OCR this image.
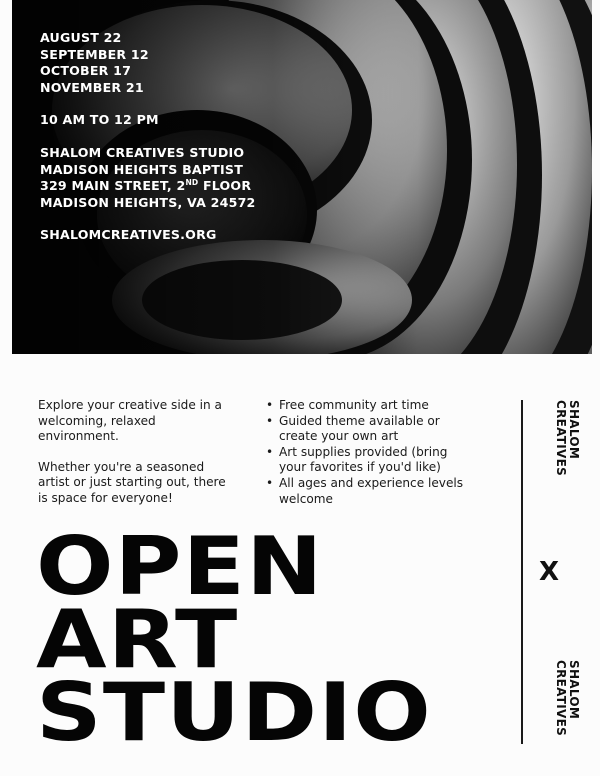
AUGUST 22
SEPTEMBER 12
OCTOBER 17
NOVEMBER 21
10 AM TO 12 PM
SHALOM CREATIVES STUDIO
MADISON HEIGHTS BAPTIST
329 MAIN STREET, 2ND FLOOR
MADISON HEIGHTS, VA 24572
SHALOMCREATIVES.ORG

Explore your creative side in a welcoming, relaxed environment.

Whether you're a seasoned artist or just starting out, there is space for everyone!

• Free community art time
• Guided theme available or create your own art
• Art supplies provided (bring your favorites if you'd like)
• All ages and experience levels welcome
OPEN
ART
STUDIO
SHALOM
CREATIVES
X
SHALOM
CREATIVES
